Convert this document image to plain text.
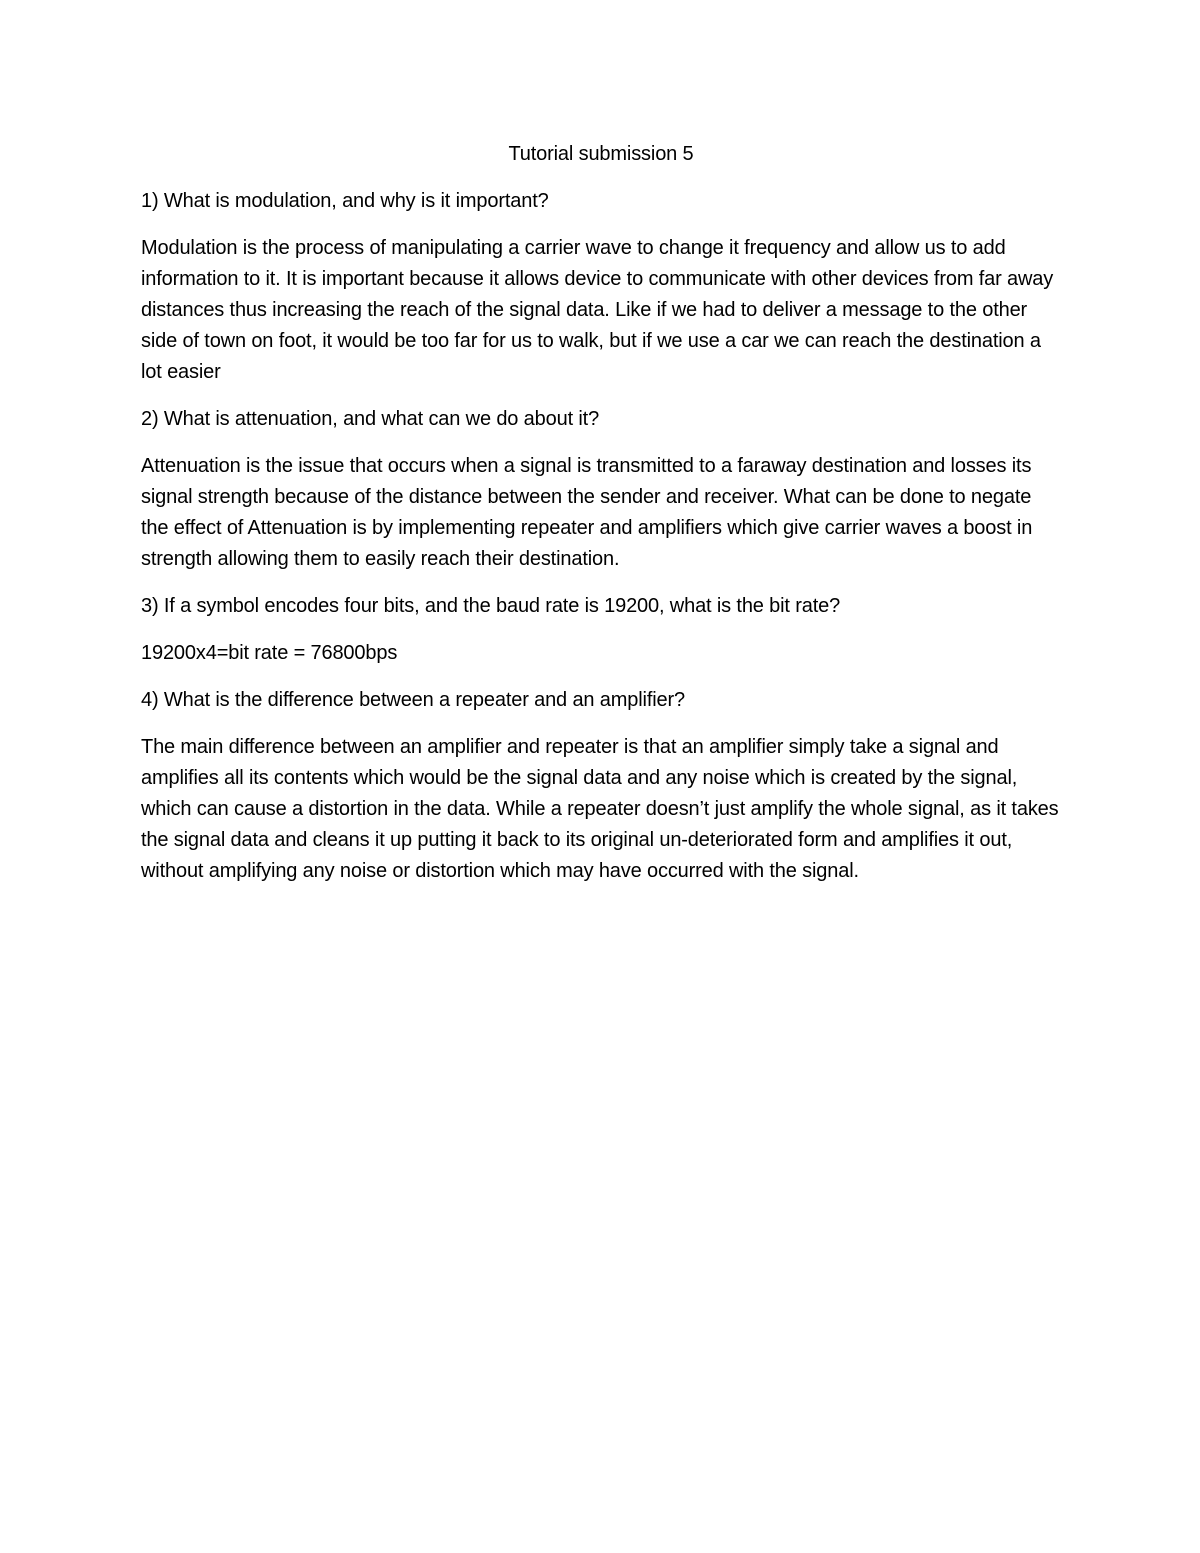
Tutorial submission 5
1) What is modulation, and why is it important?
Modulation is the process of manipulating a carrier wave to change it frequency and allow us to add information to it. It is important because it allows device to communicate with other devices from far away distances thus increasing the reach of the signal data. Like if we had to deliver a message to the other side of town on foot, it would be too far for us to walk, but if we use a car we can reach the destination a lot easier
2) What is attenuation, and what can we do about it?
Attenuation is the issue that occurs when a signal is transmitted to a faraway destination and losses its signal strength because of the distance between the sender and receiver. What can be done to negate the effect of Attenuation is by implementing repeater and amplifiers which give carrier waves a boost in strength allowing them to easily reach their destination.
3) If a symbol encodes four bits, and the baud rate is 19200, what is the bit rate?
19200x4=bit rate = 76800bps
4) What is the difference between a repeater and an amplifier?
The main difference between an amplifier and repeater is that an amplifier simply take a signal and amplifies all its contents which would be the signal data and any noise which is created by the signal, which can cause a distortion in the data. While a repeater doesn’t just amplify the whole signal, as it takes the signal data and cleans it up putting it back to its original un-deteriorated form and amplifies it out, without amplifying any noise or distortion which may have occurred with the signal.
